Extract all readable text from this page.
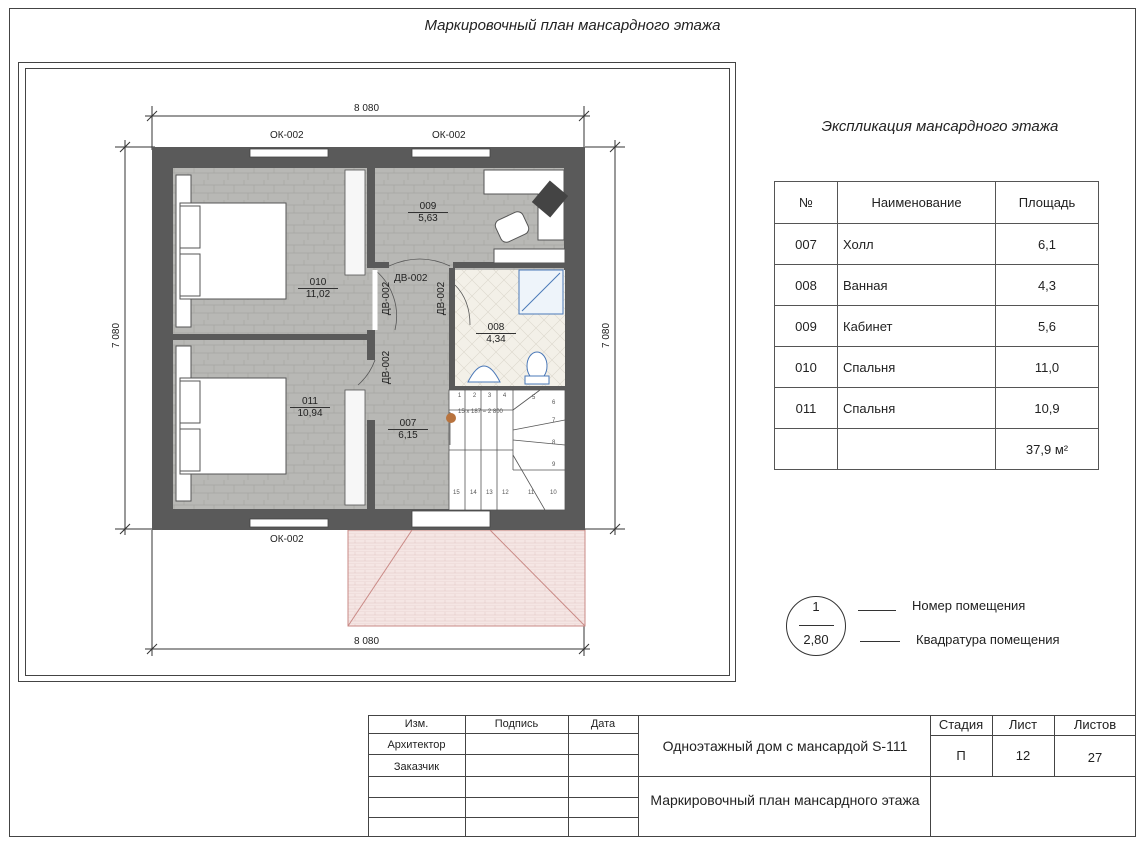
Маркировочный план мансардного этажа
8 080
8 080
7 080	7 080
ОК-002	ОК-002
ОК-002
ДВ-002
ДВ-002	ДВ-002
ДВ-002
15 x 187 = 2 800
009
5,63
010
11,02
008
4,34
011
10,94
007
6,15
1 2 3 4	5
6
7
8
9
10
11
12
13
14
15
Экспликация мансардного этажа
№	Наименование	Площадь
007	Холл	6,1
008	Ванная	4,3
009	Кабинет	5,6
010	Спальня	11,0
011	Спальня	10,9
		37,9 м²
1
2,80
Номер помещения
Квадратура помещения
Изм.	Подпись	Дата
Архитектор
Заказчик
Одноэтажный дом с мансардой S-111
Маркировочный план мансардного этажа
Стадия	Лист	Листов
П	12	27
